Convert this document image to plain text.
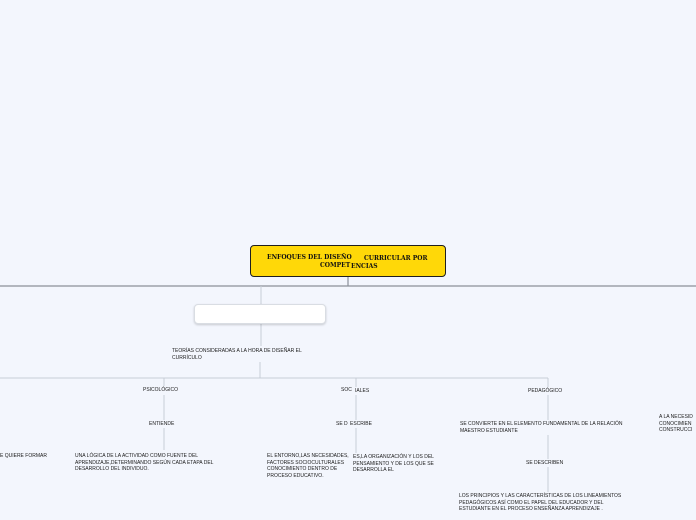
ENFOQUES DEL DISEÑO CURRICULAR POR
COMPET ENCIAS
TEORÍAS CONSIDERADAS A LA HORA DE DISEÑAR EL CURRÍCULO
E QUIERE FORMAR
PSICOLÓGICO
ENTIENDE
UNA LÓGICA DE LA ACTIVIDAD COMO FUENTE DEL APRENDIZAJE,DETERMINANDO SEGÚN CADA ETAPA DEL DESARROLLO DEL INDIVIDUO.
SOC IALES
SE D ESCRIBE
EL ENTORNO,LAS NECESIDADES, FACTORES SOCIOCULTURALES CONOCIMIENTO DENTRO DE PROCESO EDUCATIVO.
ES,LA ORGANIZACIÓN Y LOS DEL PENSAMIENTO Y DE LOS QUE SE DESARROLLA EL
PEDAGÓGICO
SE CONVIERTE EN EL ELEMENTO FUNDAMENTAL DE LA RELACIÓN MAESTRO ESTUDIANTE
SE DESCRIBEN
LOS PRINCIPIOS Y LAS CARACTERÍSTICAS DE LOS LINEAMIENTOS PEDAGÓGICOS ASÍ COMO EL PAPEL DEL EDUCADOR Y DEL ESTUDIANTE EN EL PROCESO ENSEÑANZA APRENDIZAJE .
A LA NECESID CONOCIMIEN CONSTRUCCI
